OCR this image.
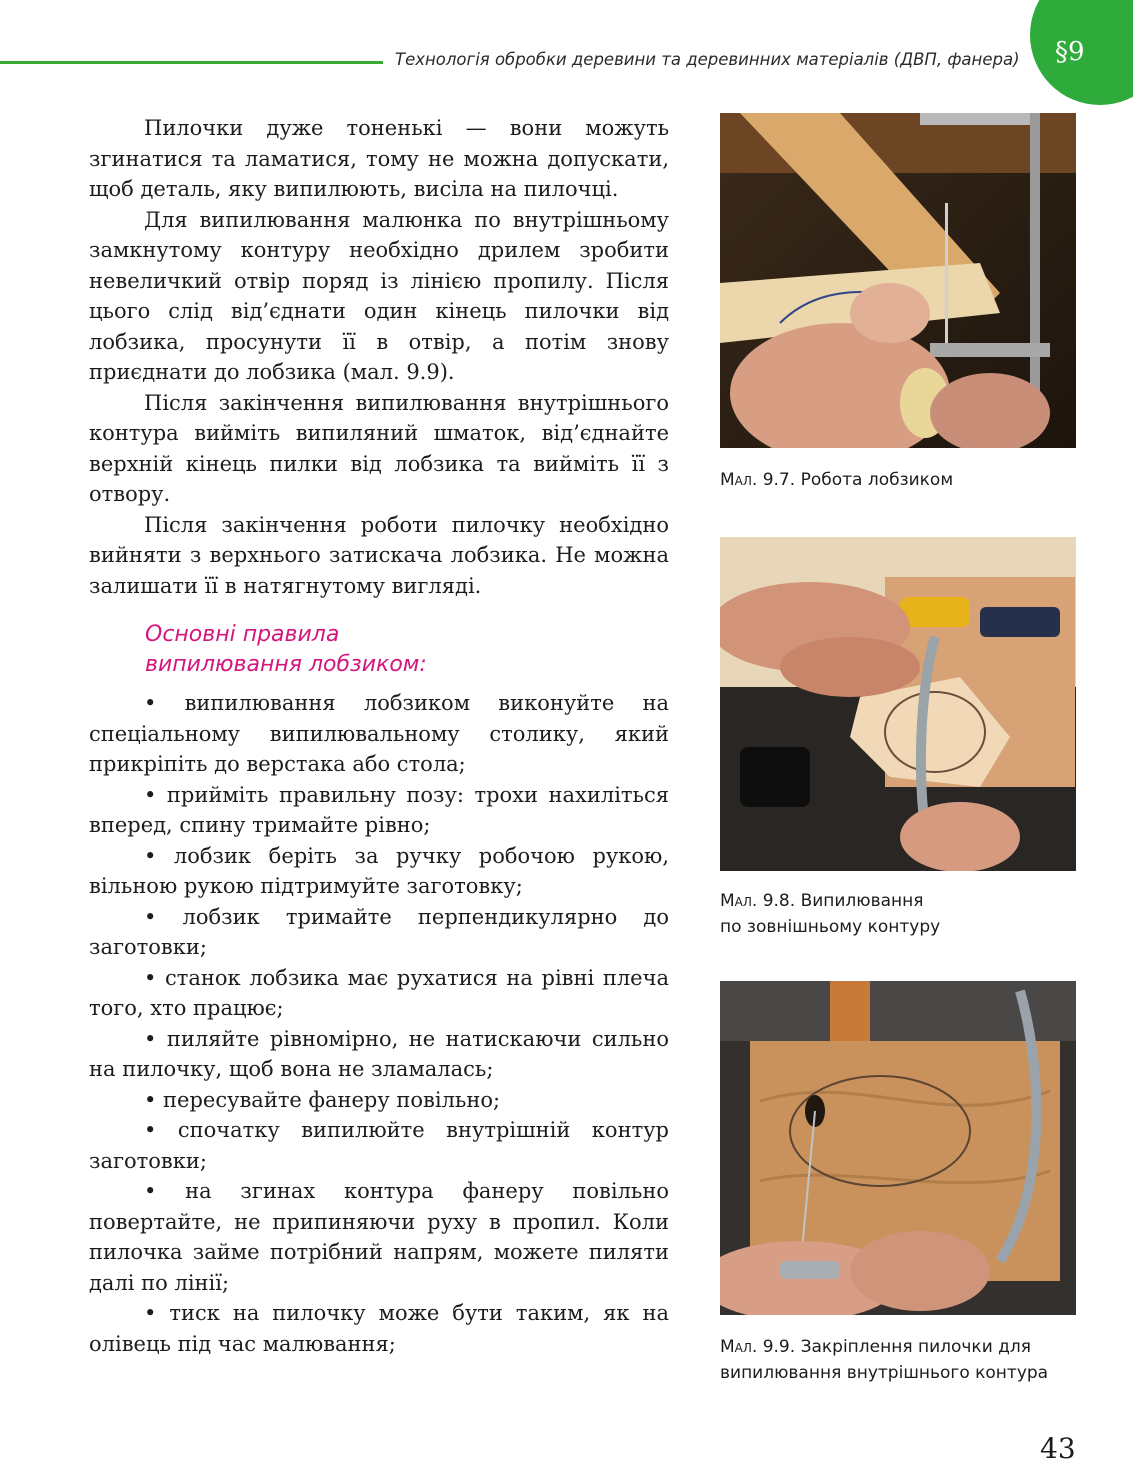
Технологія обробки деревини та деревинних матеріалів (ДВП, фанера) §9

Пилочки дуже тоненькі — вони можуть згинатися та ламатися, тому не можна допускати, щоб деталь, яку випилюють, висіла на пилочці.

Для випилювання малюнка по внутрішньому замкнутому контуру необхідно дрилем зробити невеличкий отвір поряд із лінією пропилу. Після цього слід від’єднати один кінець пилочки від лобзика, просунути її в отвір, а потім знову приєднати до лобзика (мал. 9.9).

Після закінчення випилювання внутрішнього контура вийміть випиляний шматок, від’єднайте верхній кінець пилки від лобзика та вийміть її з отвору.

Після закінчення роботи пилочку необхідно вийняти з верхнього затискача лобзика. Не можна залишати її в натягнутому вигляді.

Основні правила
випилювання лобзиком:

• випилювання лобзиком виконуйте на спеціальному випилювальному столику, який прикріпіть до верстака або стола;

• прийміть правильну позу: трохи нахиліться вперед, спину тримайте рівно;

• лобзик беріть за ручку робочою рукою, вільною рукою підтримуйте заготовку;

• лобзик тримайте перпендикулярно до заготовки;

• станок лобзика має рухатися на рівні плеча того, хто працює;

• пиляйте рівномірно, не натискаючи сильно на пилочку, щоб вона не зламалась;

• пересувайте фанеру повільно;

• спочатку випилюйте внутрішній контур заготовки;

• на згинах контура фанеру повільно повертайте, не припиняючи руху в пропил. Коли пилочка займе потрібний напрям, можете пиляти далі по лінії;

• тиск на пилочку може бути таким, як на олівець під час малювання;

Мал. 9.7. Робота лобзиком
Мал. 9.8. Випилювання
по зовнішньому контуру
Мал. 9.9. Закріплення пилочки для
випилювання внутрішнього контура
43
